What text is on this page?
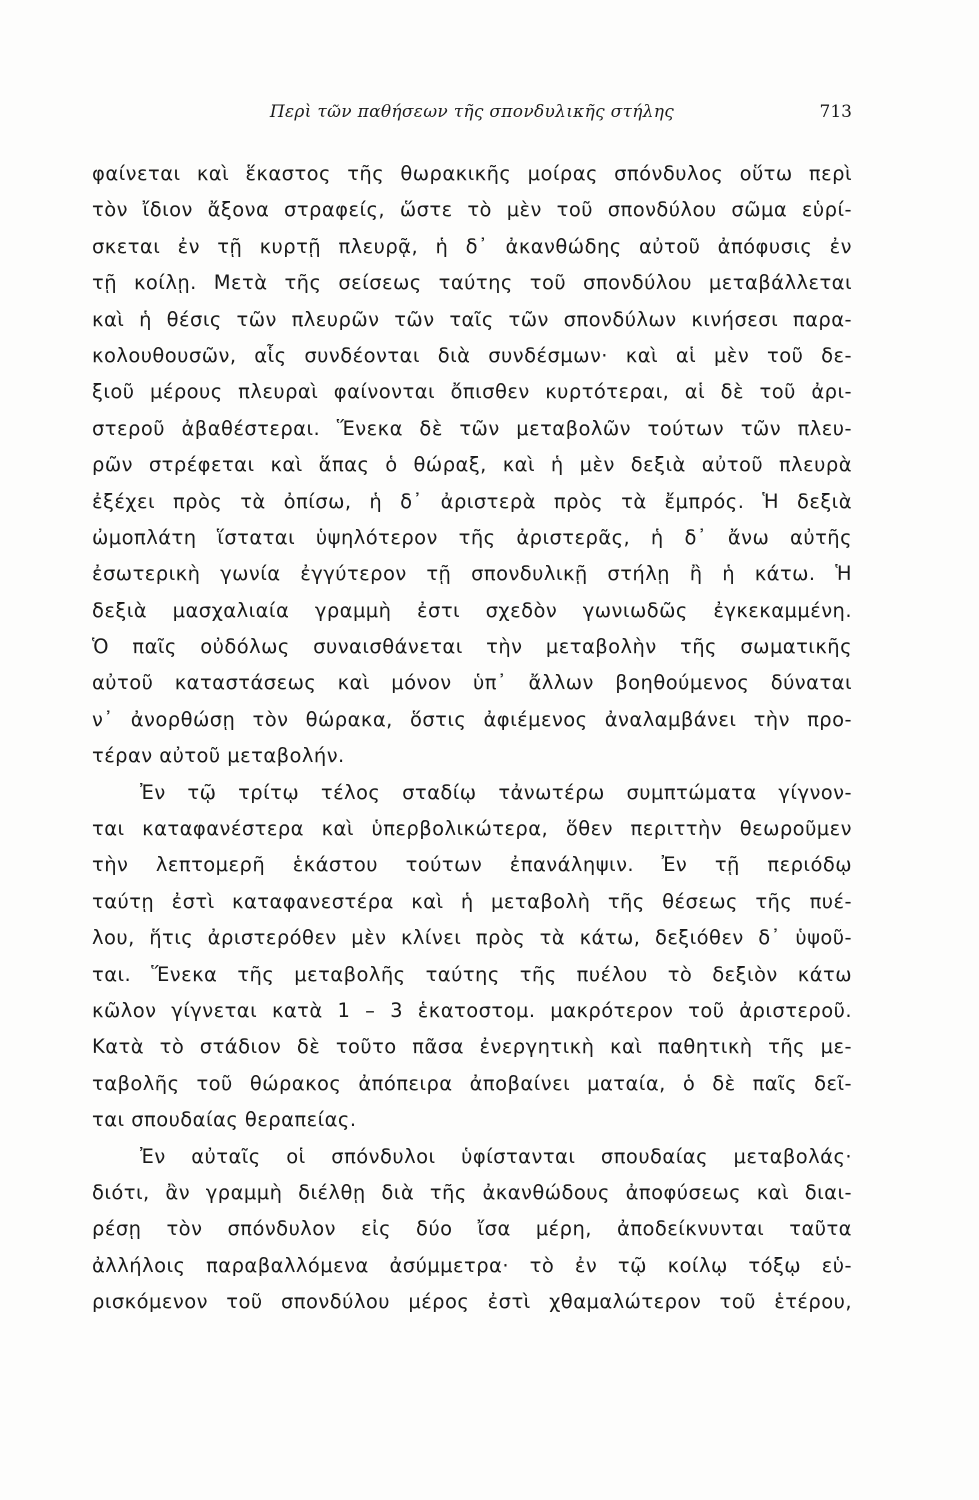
Περὶ τῶν παθήσεων τῆς σπονδυλικῆς στήλης	713
φαίνεται καὶ ἕκαστος τῆς θωρακικῆς μοίρας σπόνδυλος οὕτω περὶ
τὸν ἴδιον ἄξονα στραφείς, ὥστε τὸ μὲν τοῦ σπονδύλου σῶμα εὑρί-
σκεται ἐν τῇ κυρτῇ πλευρᾷ, ἡ δ᾽ ἀκανθώδης αὐτοῦ ἀπόφυσις ἐν
τῇ κοίλῃ. Μετὰ τῆς σείσεως ταύτης τοῦ σπονδύλου μεταβάλλεται
καὶ ἡ θέσις τῶν πλευρῶν τῶν ταῖς τῶν σπονδύλων κινήσεσι παρα-
κολουθουσῶν, αἷς συνδέονται διὰ συνδέσμων· καὶ αἱ μὲν τοῦ δε-
ξιοῦ μέρους πλευραὶ φαίνονται ὄπισθεν κυρτότεραι, αἱ δὲ τοῦ ἀρι-
στεροῦ ἀβαθέστεραι. Ἕνεκα δὲ τῶν μεταβολῶν τούτων τῶν πλευ-
ρῶν στρέφεται καὶ ἅπας ὁ θώραξ, καὶ ἡ μὲν δεξιὰ αὐτοῦ πλευρὰ
ἐξέχει πρὸς τὰ ὀπίσω, ἡ δ᾽ ἀριστερὰ πρὸς τὰ ἔμπρός. Ἡ δεξιὰ
ὠμοπλάτη ἵσταται ὑψηλότερον τῆς ἀριστερᾶς, ἡ δ᾽ ἄνω αὐτῆς
ἐσωτερικὴ γωνία ἐγγύτερον τῇ σπονδυλικῇ στήλῃ ἢ ἡ κάτω. Ἡ
δεξιὰ μασχαλιαία γραμμὴ ἐστι σχεδὸν γωνιωδῶς ἐγκεκαμμένη.
Ὁ παῖς οὐδόλως συναισθάνεται τὴν μεταβολὴν τῆς σωματικῆς
αὐτοῦ καταστάσεως καὶ μόνον ὑπ᾽ ἄλλων βοηθούμενος δύναται
ν᾽ ἀνορθώσῃ τὸν θώρακα, ὅστις ἀφιέμενος ἀναλαμβάνει τὴν προ-
τέραν αὐτοῦ μεταβολήν.
Ἐν τῷ τρίτῳ τέλος σταδίῳ τἀνωτέρω συμπτώματα γίγνον-
ται καταφανέστερα καὶ ὑπερβολικώτερα, ὅθεν περιττὴν θεωροῦμεν
τὴν λεπτομερῆ ἑκάστου τούτων ἐπανάληψιν. Ἐν τῇ περιόδῳ
ταύτῃ ἐστὶ καταφανεστέρα καὶ ἡ μεταβολὴ τῆς θέσεως τῆς πυέ-
λου, ἥτις ἀριστερόθεν μὲν κλίνει πρὸς τὰ κάτω, δεξιόθεν δ᾽ ὑψοῦ-
ται. Ἕνεκα τῆς μεταβολῆς ταύτης τῆς πυέλου τὸ δεξιὸν κάτω
κῶλον γίγνεται κατὰ 1 – 3 ἑκατοστομ. μακρότερον τοῦ ἀριστεροῦ.
Κατὰ τὸ στάδιον δὲ τοῦτο πᾶσα ἐνεργητικὴ καὶ παθητικὴ τῆς με-
ταβολῆς τοῦ θώρακος ἀπόπειρα ἀποβαίνει ματαία, ὁ δὲ παῖς δεῖ-
ται σπουδαίας θεραπείας.
Ἐν αὐταῖς οἱ σπόνδυλοι ὑφίστανται σπουδαίας μεταβολάς·
διότι, ἂν γραμμὴ διέλθῃ διὰ τῆς ἀκανθώδους ἀποφύσεως καὶ διαι-
ρέσῃ τὸν σπόνδυλον εἰς δύο ἴσα μέρη, ἀποδείκνυνται ταῦτα
ἀλλήλοις παραβαλλόμενα ἀσύμμετρα· τὸ ἐν τῷ κοίλῳ τόξῳ εὑ-
ρισκόμενον τοῦ σπονδύλου μέρος ἐστὶ χθαμαλώτερον τοῦ ἑτέρου,
